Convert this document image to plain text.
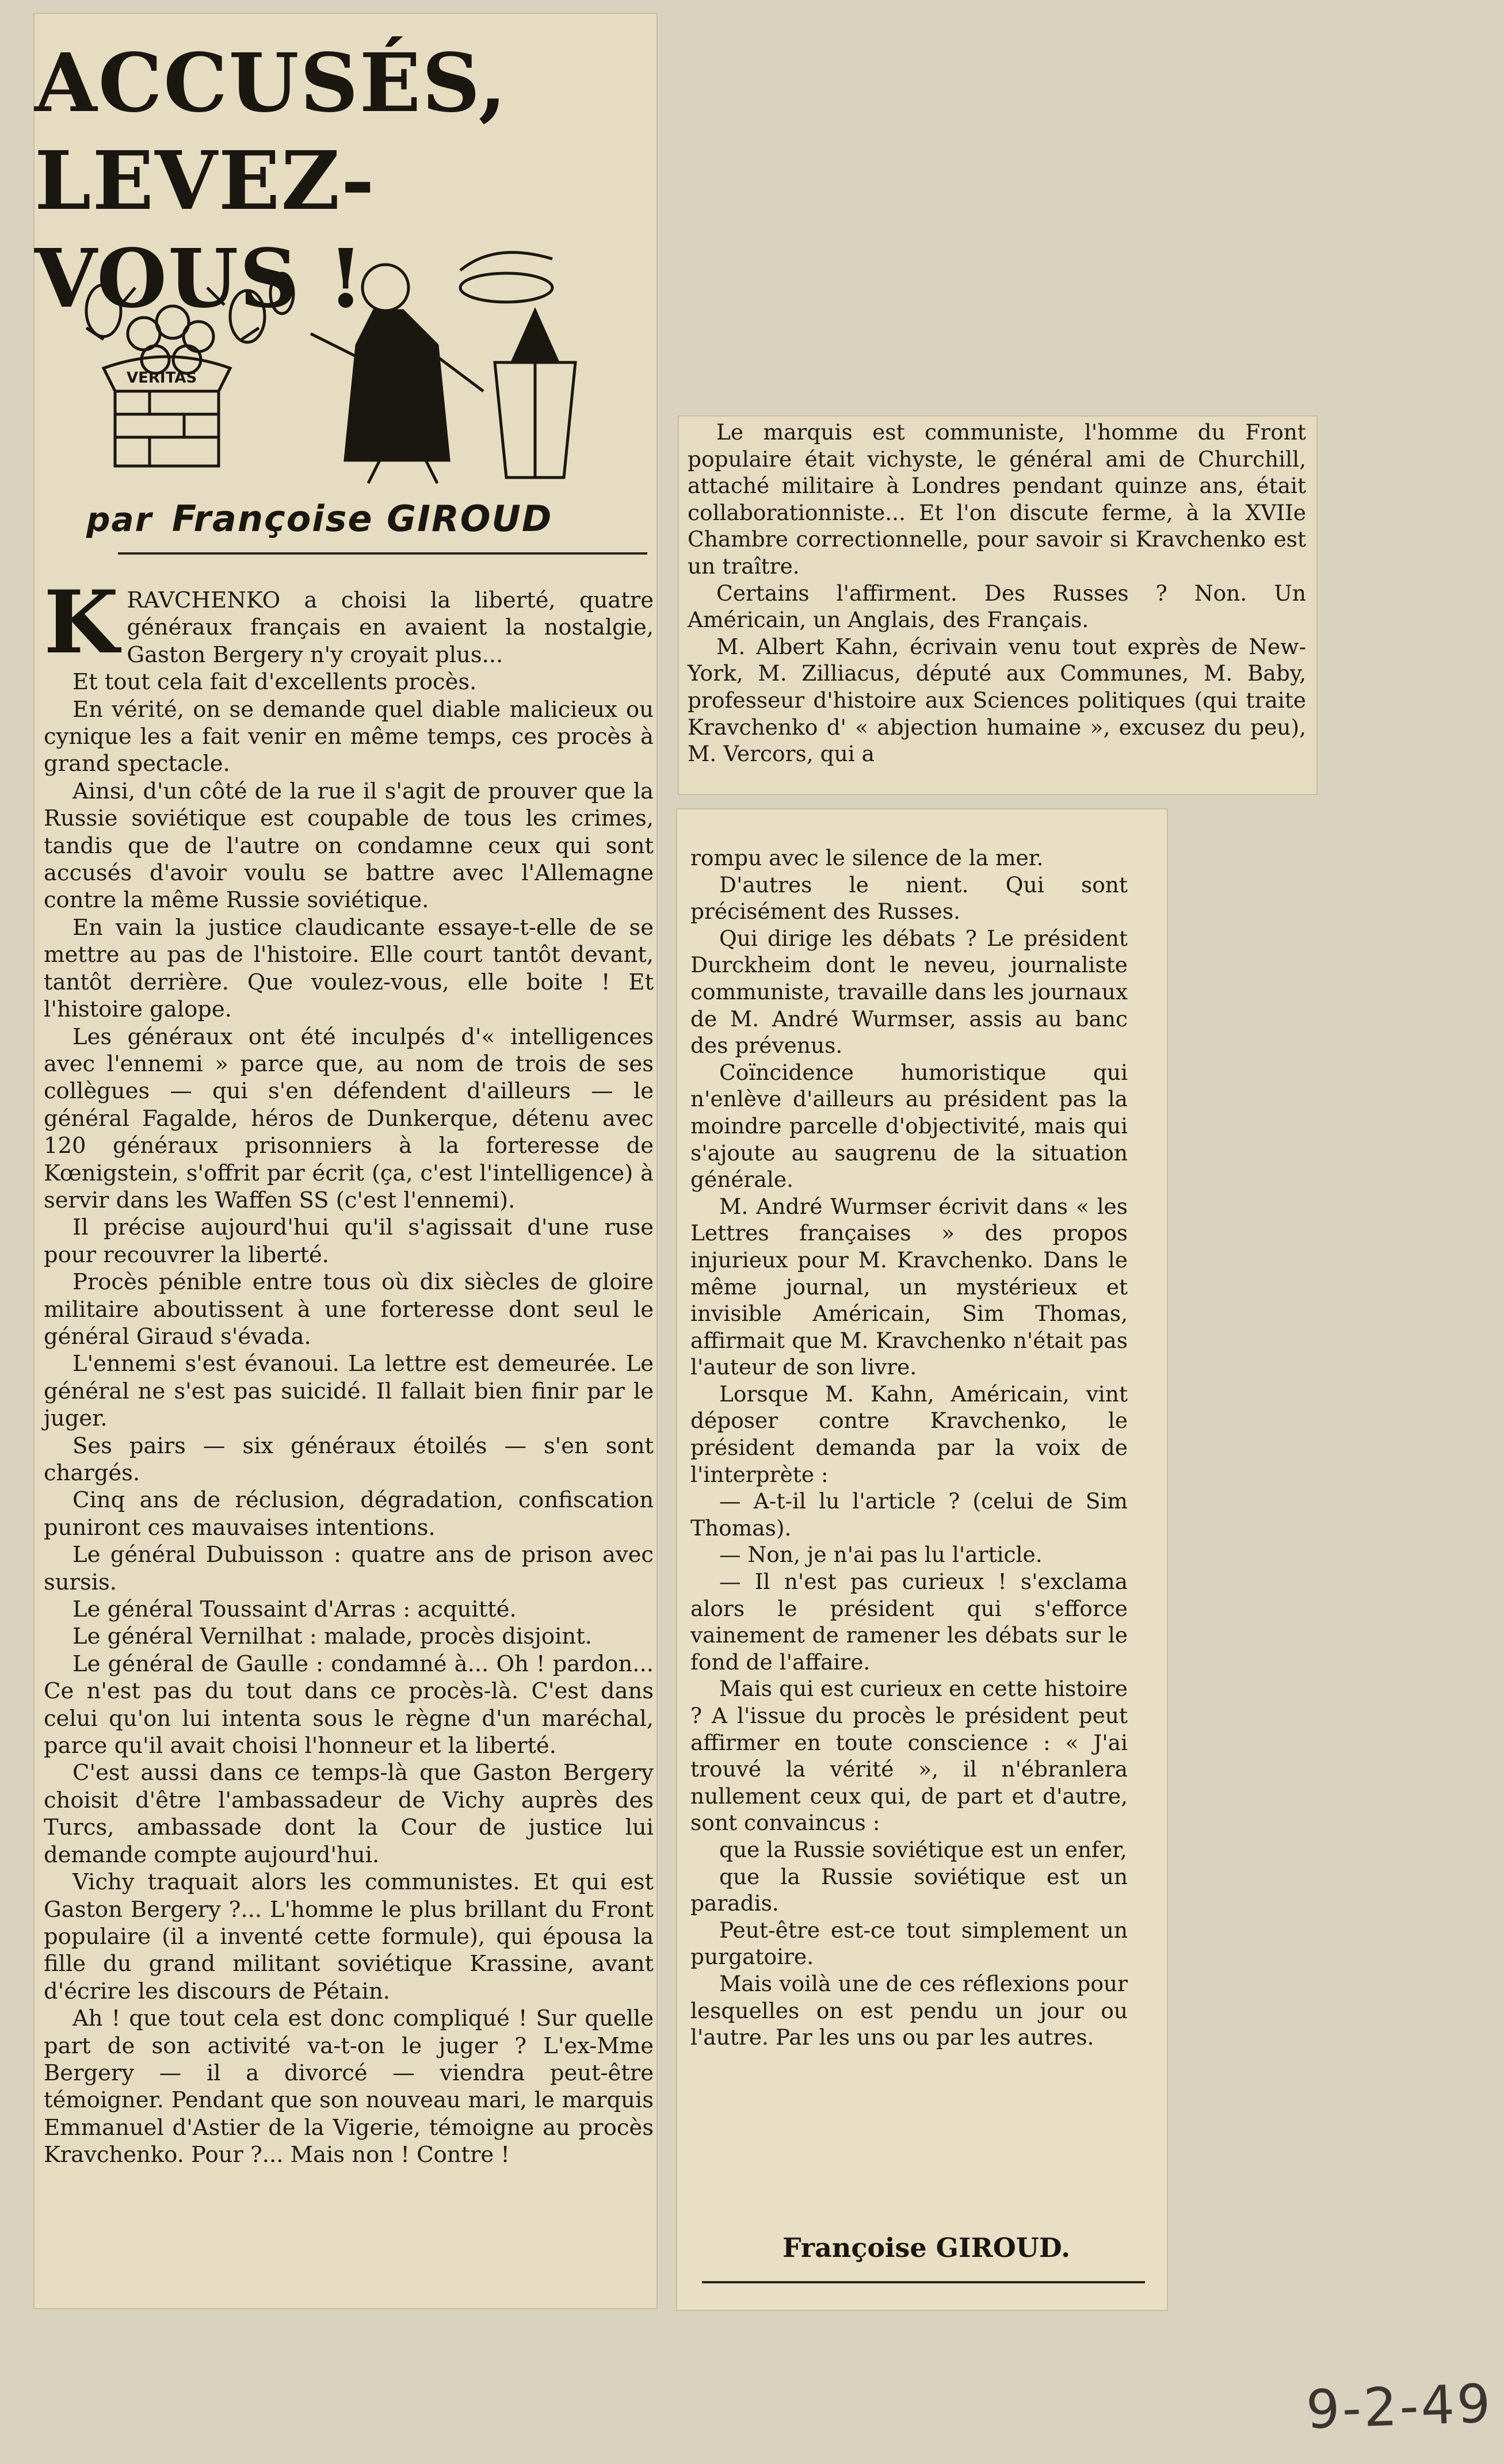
ACCUSÉS,
LEVEZ-VOUS !
VERITAS
par Françoise GIROUD

KRAVCHENKO a choisi la liberté, quatre généraux français en avaient la nostalgie, Gaston Bergery n'y croyait plus...

Et tout cela fait d'excellents procès.

En vérité, on se demande quel diable malicieux ou cynique les a fait venir en même temps, ces procès à grand spectacle.

Ainsi, d'un côté de la rue il s'agit de prouver que la Russie soviétique est coupable de tous les crimes, tandis que de l'autre on condamne ceux qui sont accusés d'avoir voulu se battre avec l'Allemagne contre la même Russie soviétique.

En vain la justice claudicante essaye-t-elle de se mettre au pas de l'histoire. Elle court tantôt devant, tantôt derrière. Que voulez-vous, elle boite ! Et l'histoire galope.

Les généraux ont été inculpés d'« intelligences avec l'ennemi » parce que, au nom de trois de ses collègues — qui s'en défendent d'ailleurs — le général Fagalde, héros de Dunkerque, détenu avec 120 généraux prisonniers à la forteresse de Kœnigstein, s'offrit par écrit (ça, c'est l'intelligence) à servir dans les Waffen SS (c'est l'ennemi).

Il précise aujourd'hui qu'il s'agissait d'une ruse pour recouvrer la liberté.

Procès pénible entre tous où dix siècles de gloire militaire aboutissent à une forteresse dont seul le général Giraud s'évada.

L'ennemi s'est évanoui. La lettre est demeurée. Le général ne s'est pas suicidé. Il fallait bien finir par le juger.

Ses pairs — six généraux étoilés — s'en sont chargés.

Cinq ans de réclusion, dégradation, confiscation puniront ces mauvaises intentions.

Le général Dubuisson : quatre ans de prison avec sursis.

Le général Toussaint d'Arras : acquitté.

Le général Vernilhat : malade, procès disjoint.

Le général de Gaulle : condamné à... Oh ! pardon... Ce n'est pas du tout dans ce procès-là. C'est dans celui qu'on lui intenta sous le règne d'un maréchal, parce qu'il avait choisi l'honneur et la liberté.

C'est aussi dans ce temps-là que Gaston Bergery choisit d'être l'ambassadeur de Vichy auprès des Turcs, ambassade dont la Cour de justice lui demande compte aujourd'hui.

Vichy traquait alors les communistes. Et qui est Gaston Bergery ?... L'homme le plus brillant du Front populaire (il a inventé cette formule), qui épousa la fille du grand militant soviétique Krassine, avant d'écrire les discours de Pétain.

Ah ! que tout cela est donc compliqué ! Sur quelle part de son activité va-t-on le juger ? L'ex-Mme Bergery — il a divorcé — viendra peut-être témoigner. Pendant que son nouveau mari, le marquis Emmanuel d'Astier de la Vigerie, témoigne au procès Kravchenko. Pour ?... Mais non ! Contre !

Le marquis est communiste, l'homme du Front populaire était vichyste, le général ami de Churchill, attaché militaire à Londres pendant quinze ans, était collaborationniste... Et l'on discute ferme, à la XVIIe Chambre correctionnelle, pour savoir si Kravchenko est un traître.

Certains l'affirment. Des Russes ? Non. Un Américain, un Anglais, des Français.

M. Albert Kahn, écrivain venu tout exprès de New-York, M. Zilliacus, député aux Communes, M. Baby, professeur d'histoire aux Sciences politiques (qui traite Kravchenko d' « abjection humaine », excusez du peu), M. Vercors, qui a

rompu avec le silence de la mer.

D'autres le nient. Qui sont précisément des Russes.

Qui dirige les débats ? Le président Durckheim dont le neveu, journaliste communiste, travaille dans les journaux de M. André Wurmser, assis au banc des prévenus.

Coïncidence humoristique qui n'enlève d'ailleurs au président pas la moindre parcelle d'objectivité, mais qui s'ajoute au saugrenu de la situation générale.

M. André Wurmser écrivit dans « les Lettres françaises » des propos injurieux pour M. Kravchenko. Dans le même journal, un mystérieux et invisible Américain, Sim Thomas, affirmait que M. Kravchenko n'était pas l'auteur de son livre.

Lorsque M. Kahn, Américain, vint déposer contre Kravchenko, le président demanda par la voix de l'interprète :

— A-t-il lu l'article ? (celui de Sim Thomas).

— Non, je n'ai pas lu l'article.

— Il n'est pas curieux ! s'exclama alors le président qui s'efforce vainement de ramener les débats sur le fond de l'affaire.

Mais qui est curieux en cette histoire ? A l'issue du procès le président peut affirmer en toute conscience : « J'ai trouvé la vérité », il n'ébranlera nullement ceux qui, de part et d'autre, sont convaincus :

que la Russie soviétique est un enfer,

que la Russie soviétique est un paradis.

Peut-être est-ce tout simplement un purgatoire.

Mais voilà une de ces réflexions pour lesquelles on est pendu un jour ou l'autre. Par les uns ou par les autres.

Françoise GIROUD.
9-2-49
